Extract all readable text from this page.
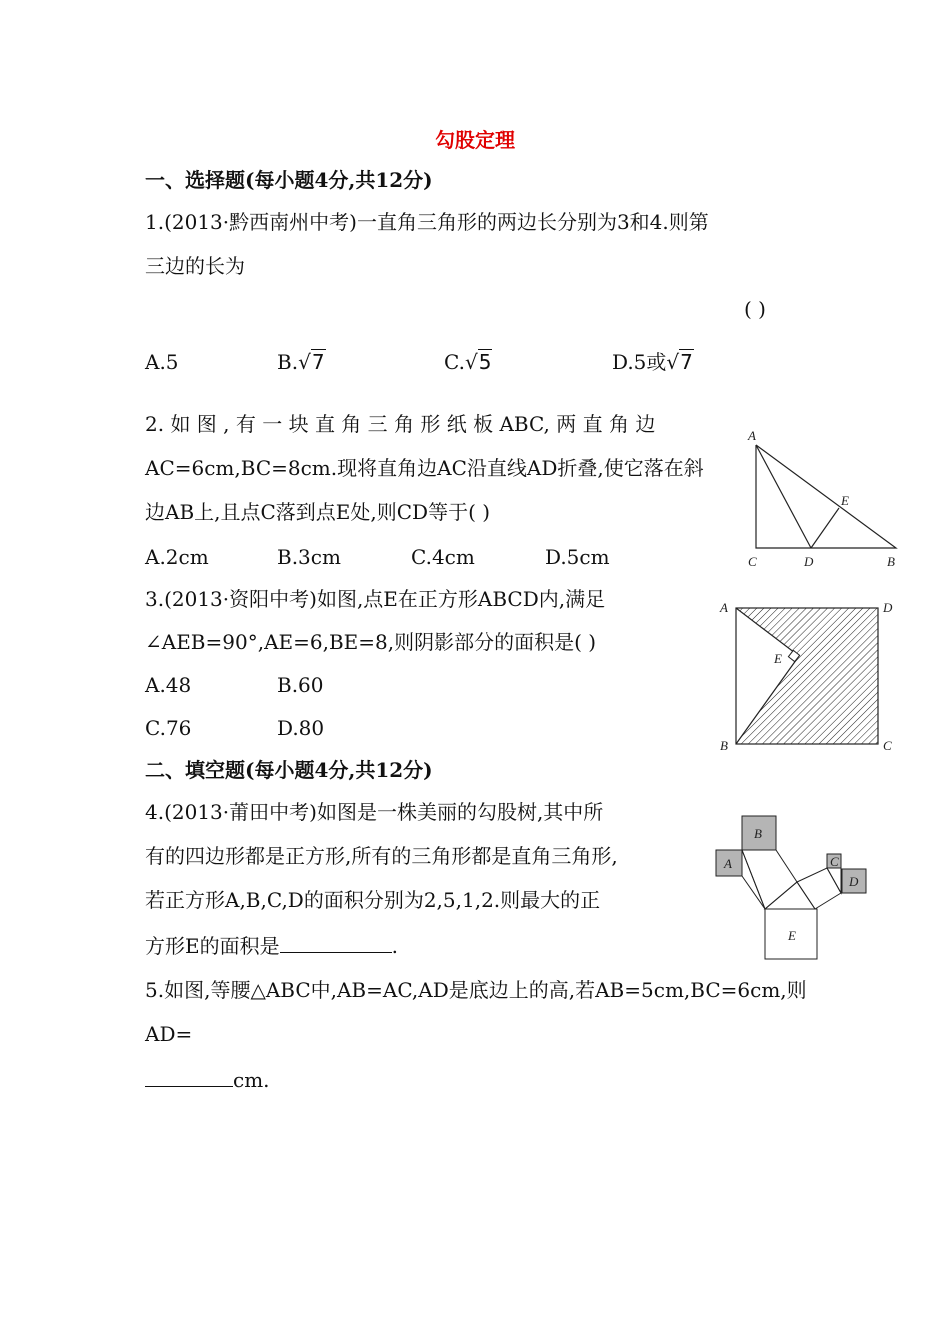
勾股定理
一、选择题(每小题4分,共12分)
1.(2013·黔西南州中考)一直角三角形的两边长分别为3和4.则第
三边的长为
( )
A.5	B.√7	C.√5	D.5或√7
2. 如 图 , 有 一 块 直 角 三 角 形 纸 板 ABC, 两 直 角 边
AC=6cm,BC=8cm.现将直角边AC沿直线AD折叠,使它落在斜
边AB上,且点C落到点E处,则CD等于( )
A.2cm	B.3cm	C.4cm	D.5cm
A
C	D	B
E
3.(2013·资阳中考)如图,点E在正方形ABCD内,满足
∠AEB=90°,AE=6,BE=8,则阴影部分的面积是( )
A.48	B.60
C.76	D.80
A	D
B	C
E
二、填空题(每小题4分,共12分)
4.(2013·莆田中考)如图是一株美丽的勾股树,其中所
有的四边形都是正方形,所有的三角形都是直角三角形,
若正方形A,B,C,D的面积分别为2,5,1,2.则最大的正
方形E的面积是	.
B
A	C
D
E
5.如图,等腰△ABC中,AB=AC,AD是底边上的高,若AB=5cm,BC=6cm,则
AD=
cm.
